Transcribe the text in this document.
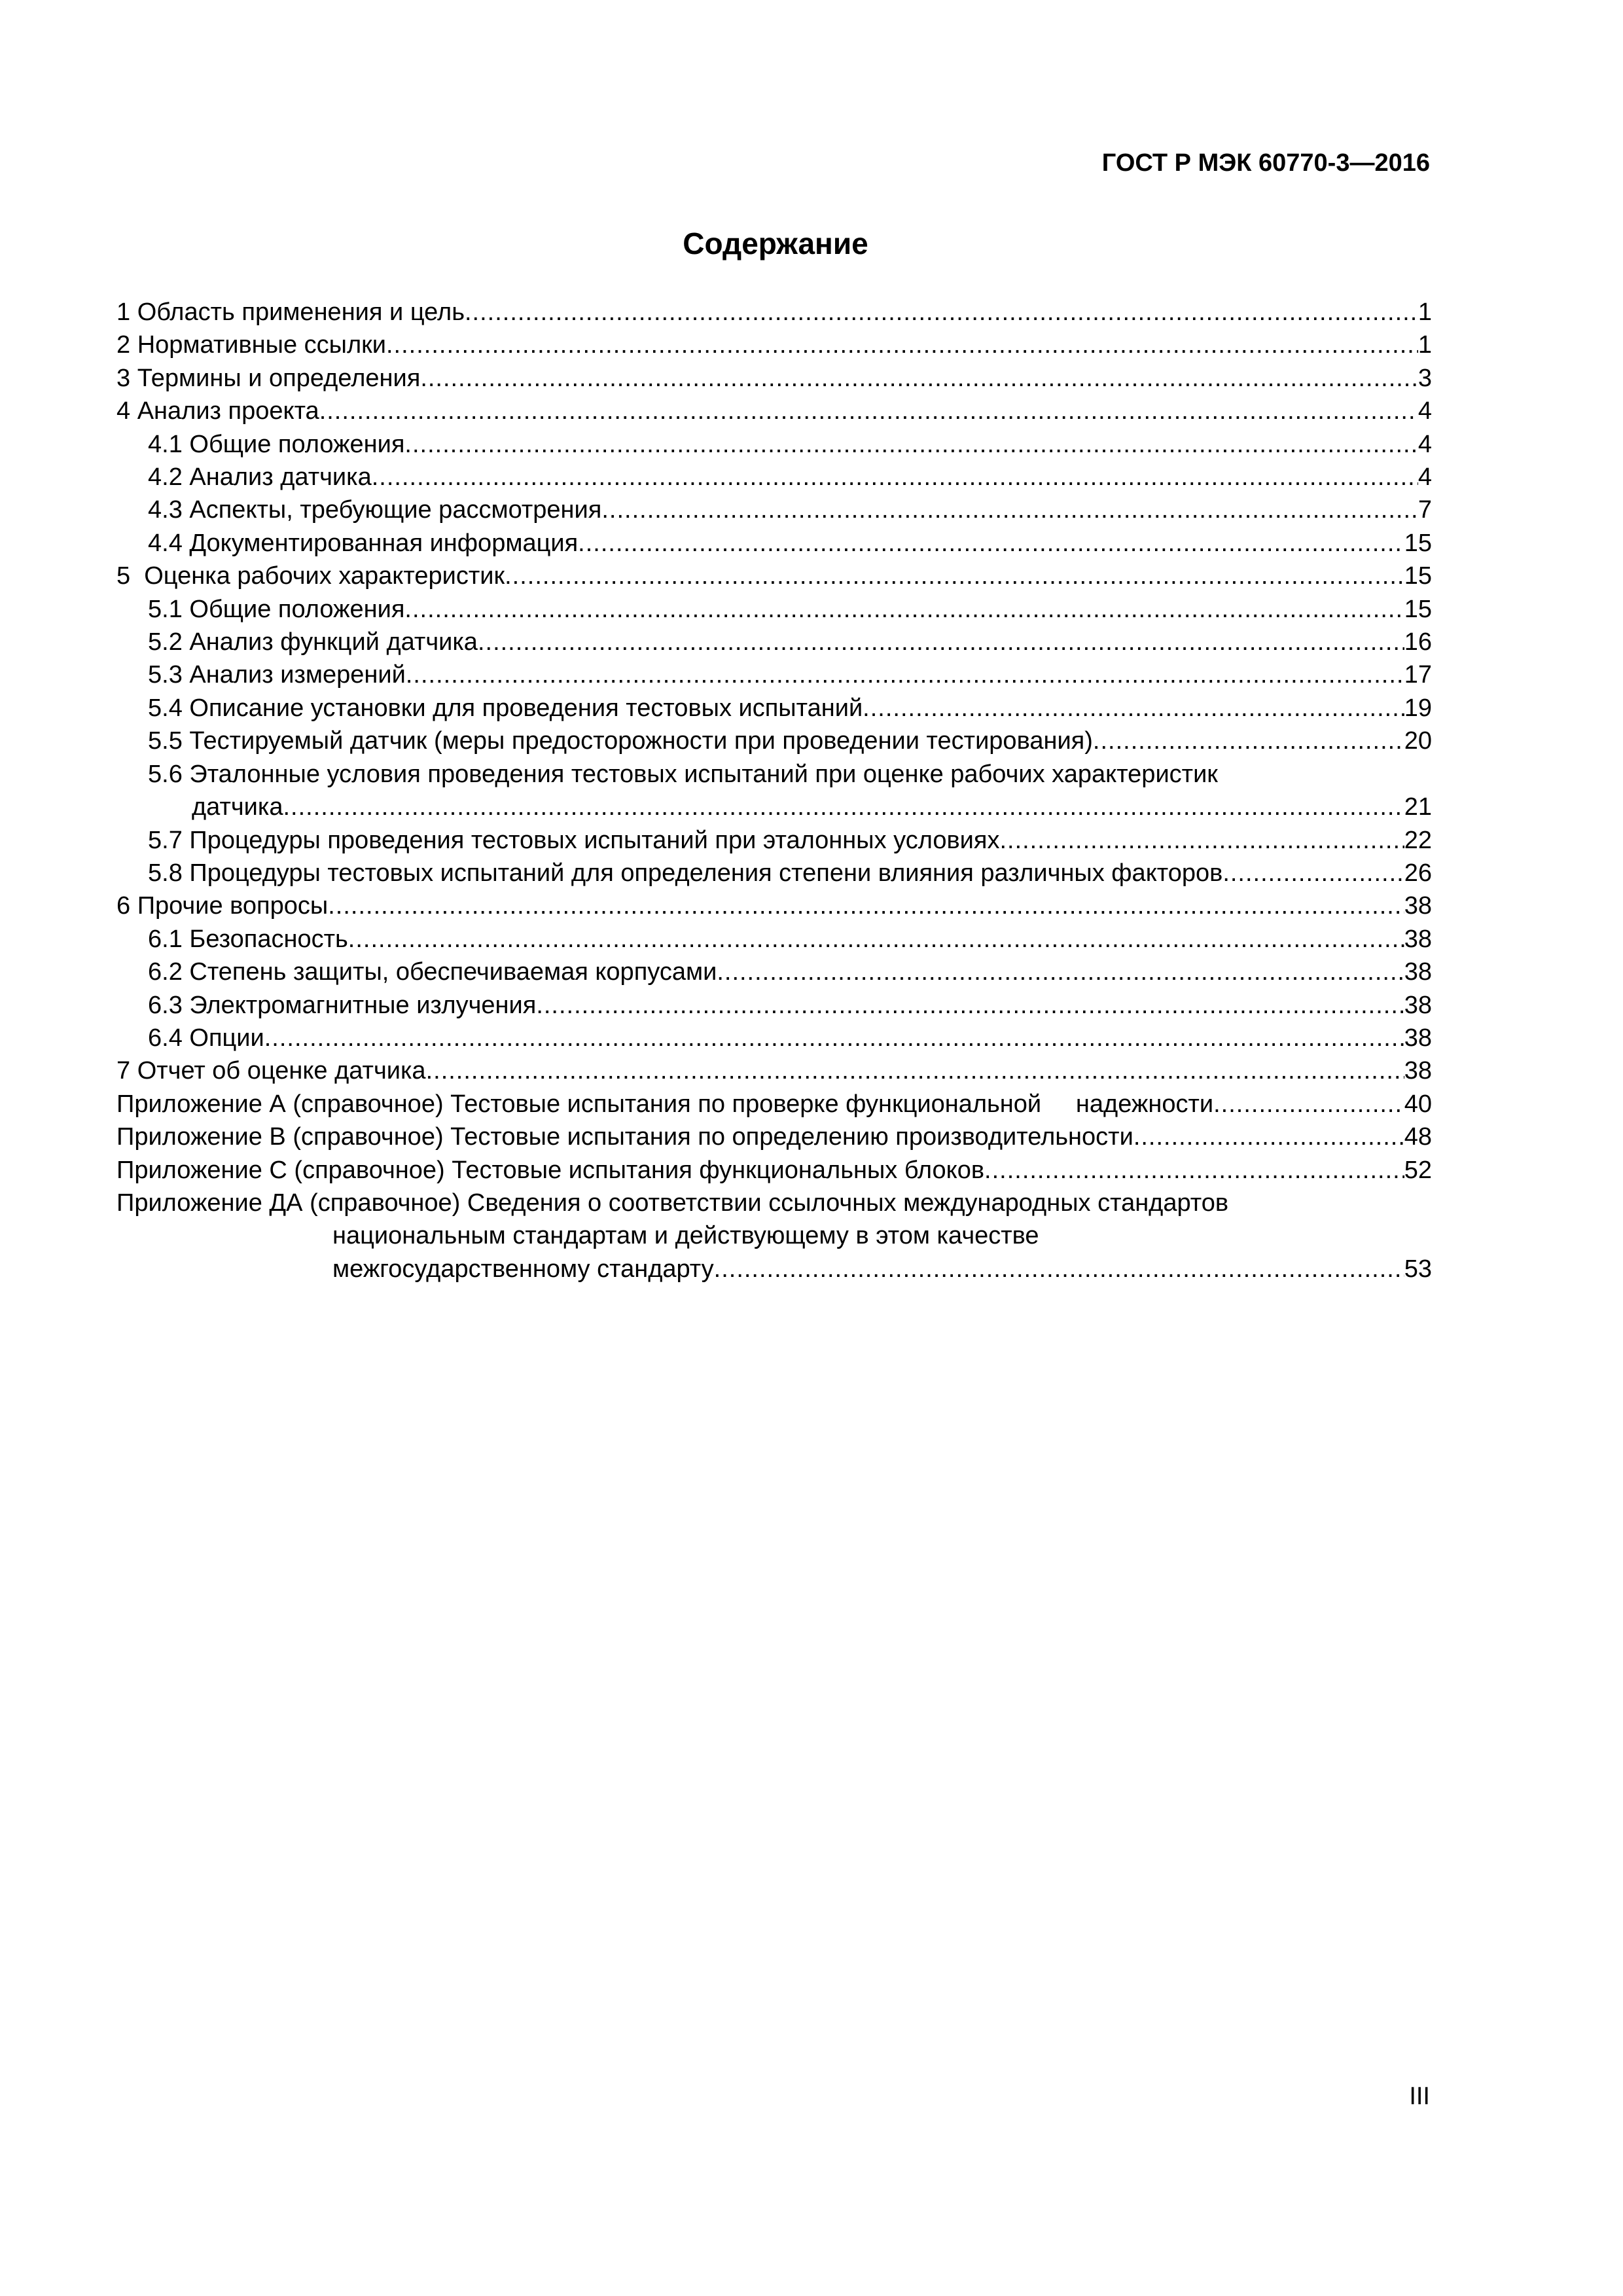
ГОСТ Р МЭК 60770-3—2016
Содержание
1 Область применения и цель .....	1
2 Нормативные ссылки .....	1
3 Термины и определения .....	3
4 Анализ проекта .....	4
4.1 Общие положения .....	4
4.2 Анализ датчика .....	4
4.3 Аспекты, требующие рассмотрения .....	7
4.4 Документированная информация .....	15
5  Оценка рабочих характеристик .....	15
5.1 Общие положения .....	15
5.2 Анализ функций датчика .....	16
5.3 Анализ измерений .....	17
5.4 Описание установки для проведения тестовых испытаний .....	19
5.5 Тестируемый датчик (меры предосторожности при проведении тестирования) .....	20
5.6 Эталонные условия проведения тестовых испытаний при оценке рабочих характеристик
датчика .....	21
5.7 Процедуры проведения тестовых испытаний при эталонных условиях .....	22
5.8 Процедуры тестовых испытаний для определения степени влияния различных факторов .....	26
6 Прочие вопросы .....	38
6.1 Безопасность .....	38
6.2 Степень защиты, обеспечиваемая корпусами .....	38
6.3 Электромагнитные излучения .....	38
6.4 Опции .....	38
7 Отчет об оценке датчика .....	38
Приложение А (справочное) Тестовые испытания по проверке функциональной     надежности .....	40
Приложение В (справочное) Тестовые испытания по определению производительности .....	48
Приложение С (справочное) Тестовые испытания функциональных блоков .....	52
Приложение ДА (справочное) Сведения о соответствии ссылочных международных стандартов
национальным стандартам и действующему в этом качестве
межгосударственному стандарту .....	53
III
